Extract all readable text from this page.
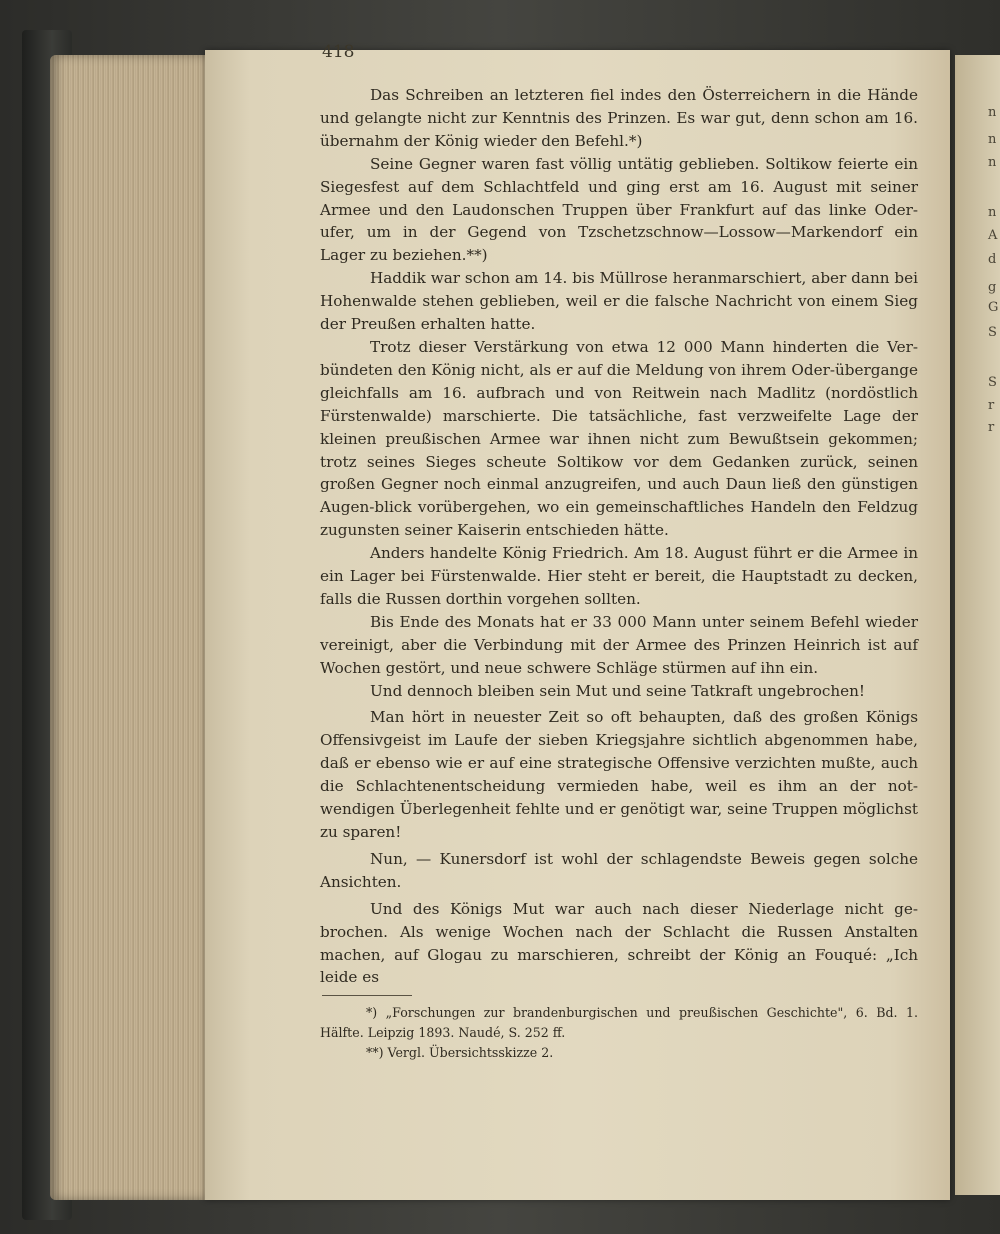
n
n
n
n
A
d
g
G
S
S
r
r
418

Das Schreiben an letzteren fiel indes den Österreichern in die Hände und gelangte nicht zur Kenntnis des Prinzen. Es war gut, denn schon am 16. übernahm der König wieder den Befehl.*)

Seine Gegner waren fast völlig untätig geblieben. Soltikow feierte ein Siegesfest auf dem Schlachtfeld und ging erst am 16. August mit seiner Armee und den Laudonschen Truppen über Frankfurt auf das linke Oder-ufer, um in der Gegend von Tzschetzschnow—Lossow—Markendorf ein Lager zu beziehen.**)

Haddik war schon am 14. bis Müllrose heranmarschiert, aber dann bei Hohenwalde stehen geblieben, weil er die falsche Nachricht von einem Sieg der Preußen erhalten hatte.

Trotz dieser Verstärkung von etwa 12 000 Mann hinderten die Ver-bündeten den König nicht, als er auf die Meldung von ihrem Oder-übergange gleichfalls am 16. aufbrach und von Reitwein nach Madlitz (nordöstlich Fürstenwalde) marschierte. Die tatsächliche, fast verzweifelte Lage der kleinen preußischen Armee war ihnen nicht zum Bewußtsein gekommen; trotz seines Sieges scheute Soltikow vor dem Gedanken zurück, seinen großen Gegner noch einmal anzugreifen, und auch Daun ließ den günstigen Augen-blick vorübergehen, wo ein gemeinschaftliches Handeln den Feldzug zugunsten seiner Kaiserin entschieden hätte.

Anders handelte König Friedrich. Am 18. August führt er die Armee in ein Lager bei Fürstenwalde. Hier steht er bereit, die Hauptstadt zu decken, falls die Russen dorthin vorgehen sollten.

Bis Ende des Monats hat er 33 000 Mann unter seinem Befehl wieder vereinigt, aber die Verbindung mit der Armee des Prinzen Heinrich ist auf Wochen gestört, und neue schwere Schläge stürmen auf ihn ein.

Und dennoch bleiben sein Mut und seine Tatkraft ungebrochen!

Man hört in neuester Zeit so oft behaupten, daß des großen Königs Offensivgeist im Laufe der sieben Kriegsjahre sichtlich abgenommen habe, daß er ebenso wie er auf eine strategische Offensive verzichten mußte, auch die Schlachtenentscheidung vermieden habe, weil es ihm an der not-wendigen Überlegenheit fehlte und er genötigt war, seine Truppen möglichst zu sparen!

Nun, — Kunersdorf ist wohl der schlagendste Beweis gegen solche Ansichten.

Und des Königs Mut war auch nach dieser Niederlage nicht ge-brochen. Als wenige Wochen nach der Schlacht die Russen Anstalten machen, auf Glogau zu marschieren, schreibt der König an Fouqué: „Ich leide es

*) „Forschungen zur brandenburgischen und preußischen Geschichte", 6. Bd. 1. Hälfte. Leipzig 1893. Naudé, S. 252 ff.

**) Vergl. Übersichtsskizze 2.
